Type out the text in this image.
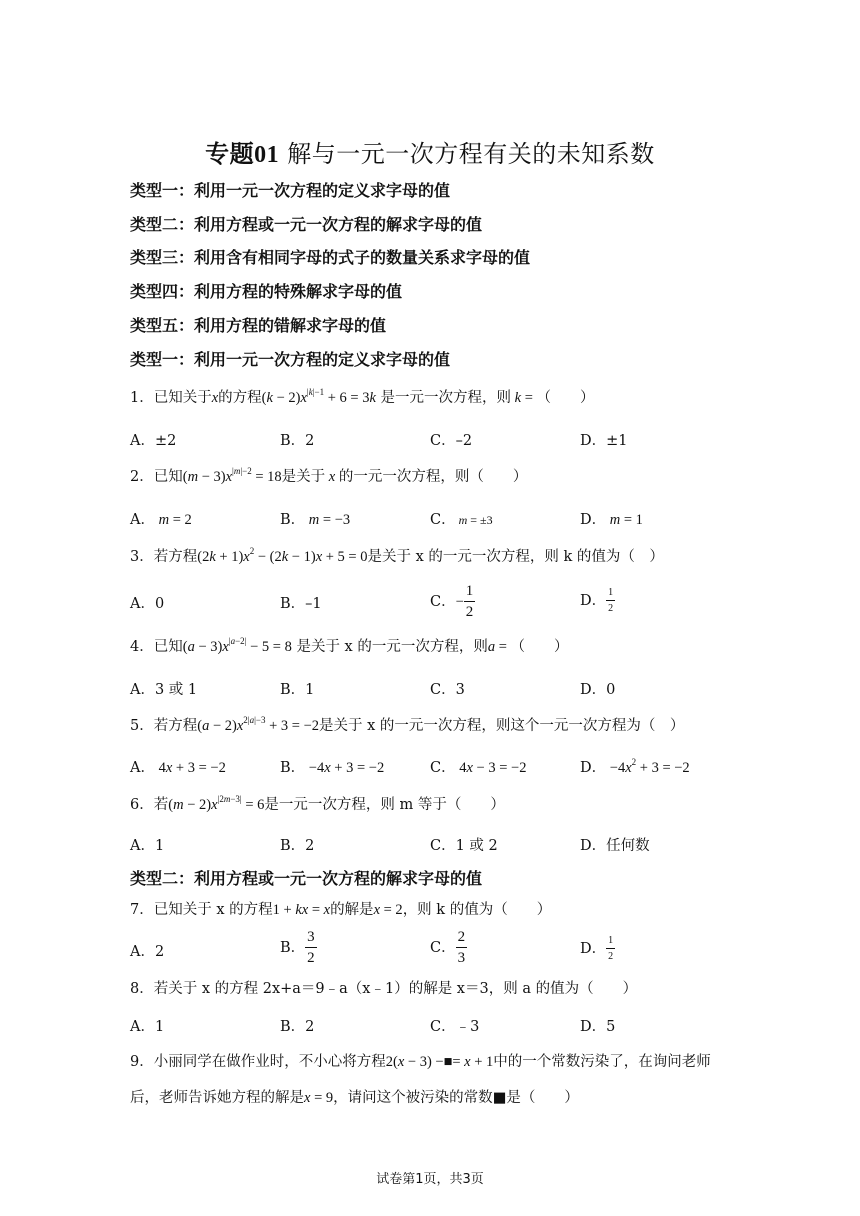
专题01 解与一元一次方程有关的未知系数
类型一：利用一元一次方程的定义求字母的值
类型二：利用方程或一元一次方程的解求字母的值
类型三：利用含有相同字母的式子的数量关系求字母的值
类型四：利用方程的特殊解求字母的值
类型五：利用方程的错解求字母的值
类型一：利用一元一次方程的定义求字母的值
1．已知关于x的方程$(k - 2)x^{|k|-1} + 6 = 3k$ 是一元一次方程，则 k = （　　）
A．±2	B．2	C．–2	D．±1
2．已知$(m - 3)x^{|m|-2} = 18$是关于 x 的一元一次方程，则（　　）
A． m = 2	B． m = −3	C． m = ±3	D． m = 1
3．若方程$(2k + 1)x^2 - (2k - 1)x + 5 = 0$是关于 x 的一元一次方程，则 k 的值为（　）
A．0	B．–1	C．− $\frac{1}{2}$	D． $\frac{1}{2}$
4．已知$(a - 3)x^{|a-2|} - 5 = 8$ 是关于 x 的一元一次方程，则a = （　　）
A．3 或 1	B．1	C．3	D．0
5．若方程$(a - 2)x^{2|a|-3} + 3 = -2$是关于 x 的一元一次方程，则这个一元一次方程为（　）
A． 4x + 3 = −2	B． −4x + 3 = −2	C． 4x − 3 = −2	D． $-4x^2 + 3 = -2$
6．若$(m - 2)x^{|2m-3|} = 6$是一元一次方程，则 m 等于（　　）
A．1	B．2	C．1 或 2	D．任何数
类型二：利用方程或一元一次方程的解求字母的值
7．已知关于 x 的方程1 + kx = x的解是x = 2，则 k 的值为（　　）
A．2	B． $\frac{3}{2}$	C． $\frac{2}{3}$	D． $\frac{1}{2}$
8．若关于 x 的方程 2x+a＝9﹣a（x﹣1）的解是 x＝3，则 a 的值为（　　）
A．1	B．2	C．﹣3	D．5
9．小丽同学在做作业时，不小心将方程2(x − 3) −■= x + 1中的一个常数污染了，在询问老师后，老师告诉她方程的解是x = 9，请问这个被污染的常数■是（　　）
试卷第1页，共3页
